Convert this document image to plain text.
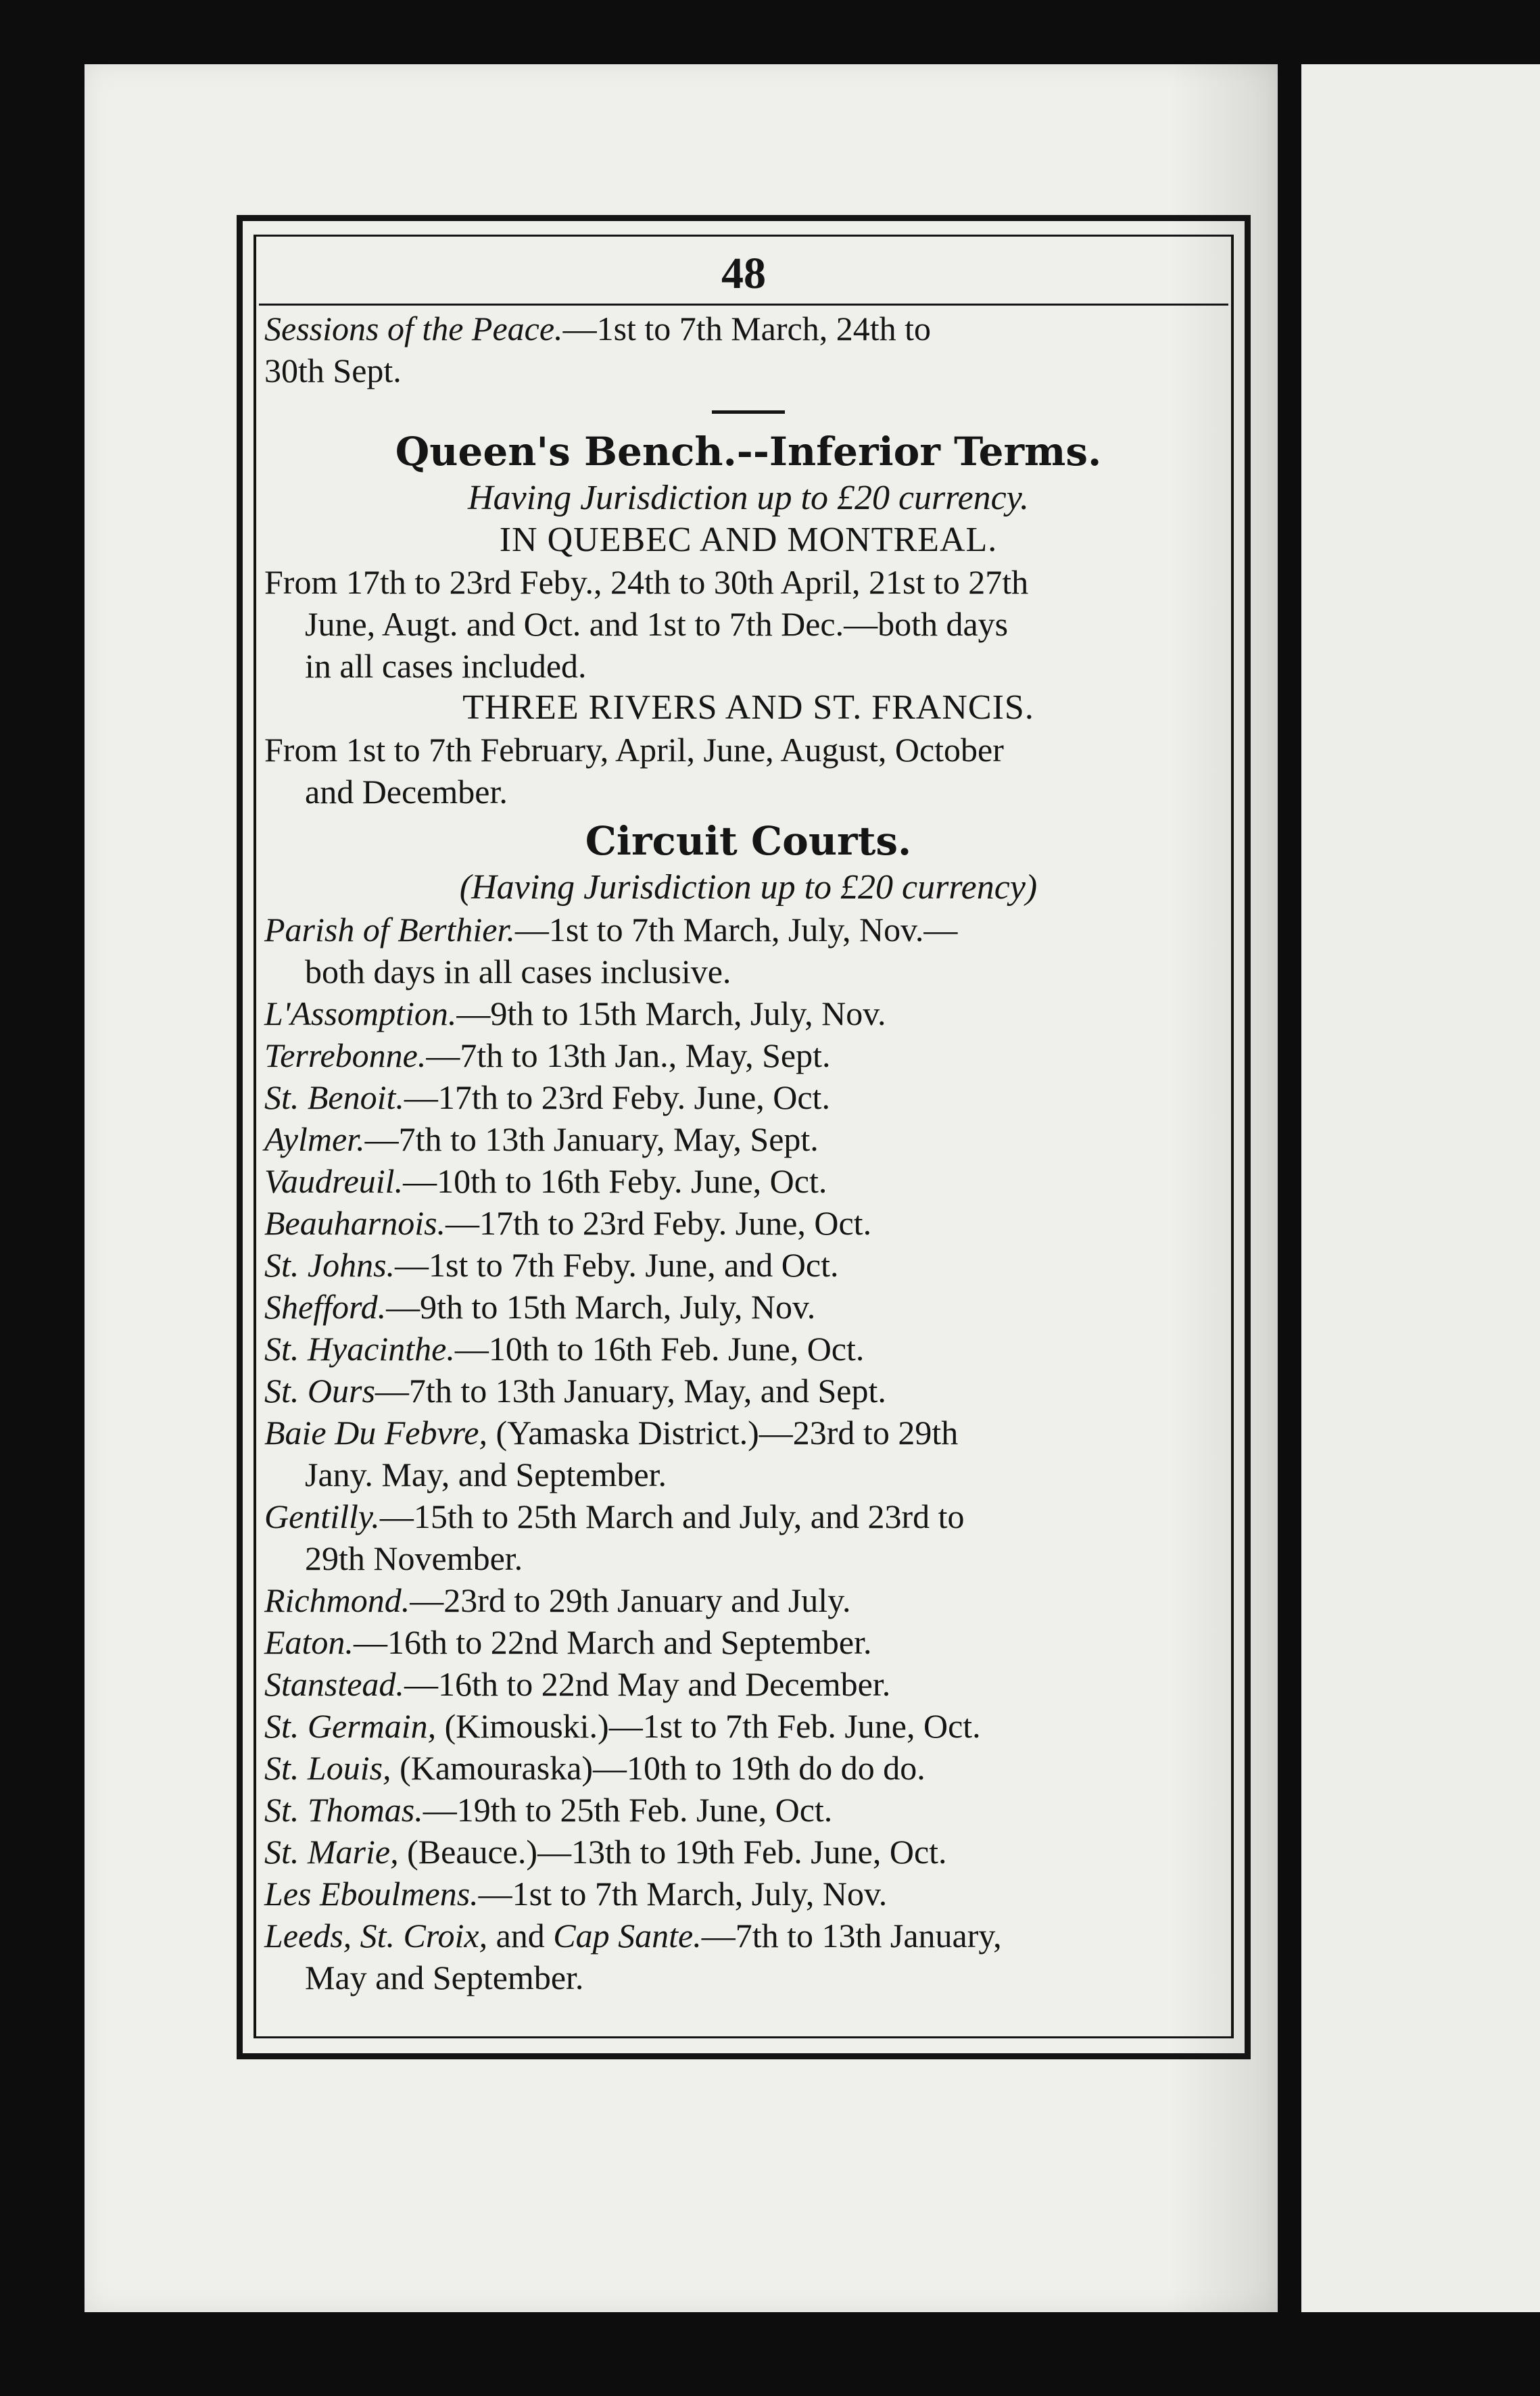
48
Sessions of the Peace.—1st to 7th March, 24th to
30th Sept.
Queen's Bench.--Inferior Terms.
Having Jurisdiction up to £20 currency.
IN QUEBEC AND MONTREAL.
From 17th to 23rd Feby., 24th to 30th April, 21st to 27th
June, Augt. and Oct. and 1st to 7th Dec.—both days
in all cases included.
THREE RIVERS AND ST. FRANCIS.
From 1st to 7th February, April, June, August, October
and December.
Circuit Courts.
(Having Jurisdiction up to £20 currency)
Parish of Berthier.—1st to 7th March, July, Nov.—
both days in all cases inclusive.
L'Assomption.—9th to 15th March, July, Nov.
Terrebonne.—7th to 13th Jan., May, Sept.
St. Benoit.—17th to 23rd Feby. June, Oct.
Aylmer.—7th to 13th January, May, Sept.
Vaudreuil.—10th to 16th Feby. June, Oct.
Beauharnois.—17th to 23rd Feby. June, Oct.
St. Johns.—1st to 7th Feby. June, and Oct.
Shefford.—9th to 15th March, July, Nov.
St. Hyacinthe.—10th to 16th Feb. June, Oct.
St. Ours—7th to 13th January, May, and Sept.
Baie Du Febvre, (Yamaska District.)—23rd to 29th
Jany. May, and September.
Gentilly.—15th to 25th March and July, and 23rd to
29th November.
Richmond.—23rd to 29th January and July.
Eaton.—16th to 22nd March and September.
Stanstead.—16th to 22nd May and December.
St. Germain, (Kimouski.)—1st to 7th Feb. June, Oct.
St. Louis, (Kamouraska)—10th to 19th do do do.
St. Thomas.—19th to 25th Feb. June, Oct.
St. Marie, (Beauce.)—13th to 19th Feb. June, Oct.
Les Eboulmens.—1st to 7th March, July, Nov.
Leeds, St. Croix, and Cap Sante.—7th to 13th January,
May and September.
